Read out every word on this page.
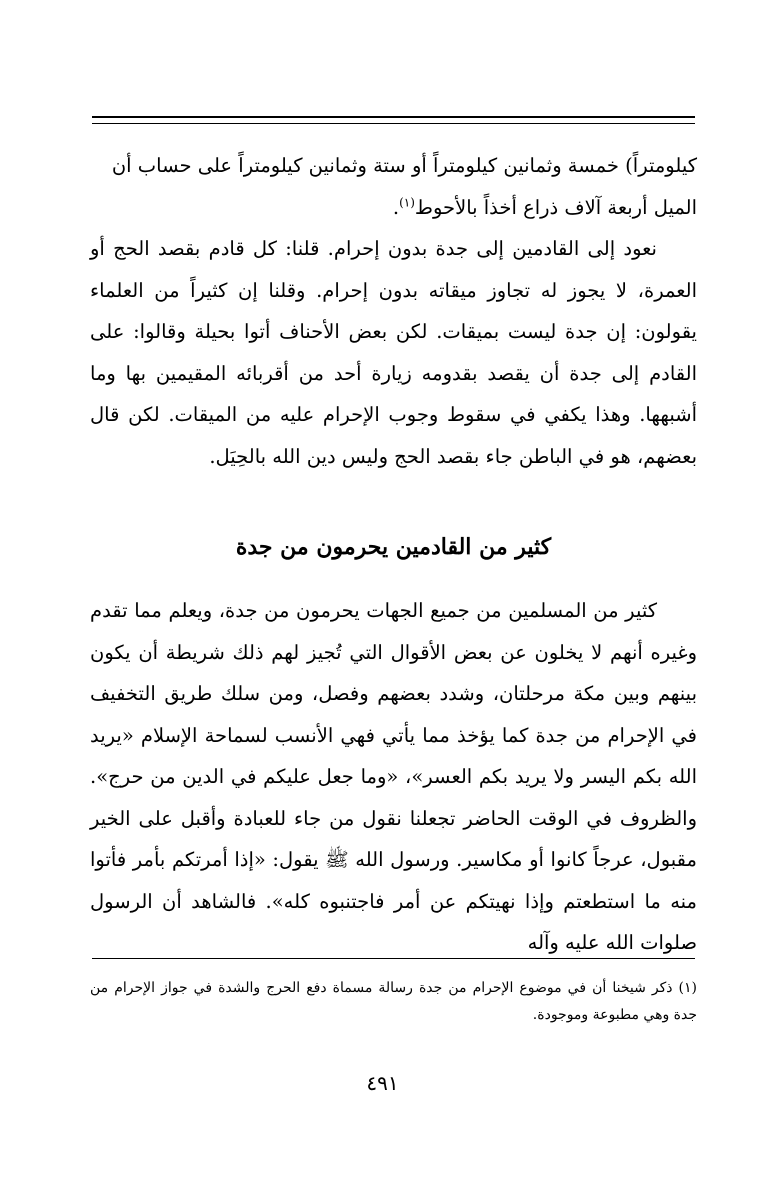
كيلومتراً) خمسة وثمانين كيلومتراً أو ستة وثمانين كيلومتراً على حساب أن

الميل أربعة آلاف ذراع أخذاً بالأحوط$^{(١)}$.

نعود إلى القادمين إلى جدة بدون إحرام. قلنا: كل قادم بقصد الحج أو العمرة، لا يجوز له تجاوز ميقاته بدون إحرام. وقلنا إن كثيراً من العلماء يقولون: إن جدة ليست بميقات. لكن بعض الأحناف أتوا بحيلة وقالوا: على القادم إلى جدة أن يقصد بقدومه زيارة أحد من أقربائه المقيمين بها وما أشبهها. وهذا يكفي في سقوط وجوب الإحرام عليه من الميقات. لكن قال بعضهم، هو في الباطن جاء بقصد الحج وليس دين الله بالحِيَل.

كثير من القادمين يحرمون من جدة

كثير من المسلمين من جميع الجهات يحرمون من جدة، ويعلم مما تقدم وغيره أنهم لا يخلون عن بعض الأقوال التي تُجيز لهم ذلك شريطة أن يكون بينهم وبين مكة مرحلتان، وشدد بعضهم وفصل، ومن سلك طريق التخفيف في الإحرام من جدة كما يؤخذ مما يأتي فهي الأنسب لسماحة الإسلام «يريد الله بكم اليسر ولا يريد بكم العسر»، «وما جعل عليكم في الدين من حرج». والظروف في الوقت الحاضر تجعلنا نقول من جاء للعبادة وأقبل على الخير مقبول، عرجاً كانوا أو مكاسير. ورسول الله ﷺ يقول: «إذا أمرتكم بأمر فأتوا منه ما استطعتم وإذا نهيتكم عن أمر فاجتنبوه كله». فالشاهد أن الرسول صلوات الله عليه وآله

(١) ذكر شيخنا أن في موضوع الإحرام من جدة رسالة مسماة دفع الحرج والشدة في جواز الإحرام من جدة وهي مطبوعة وموجودة.

٤٩١
